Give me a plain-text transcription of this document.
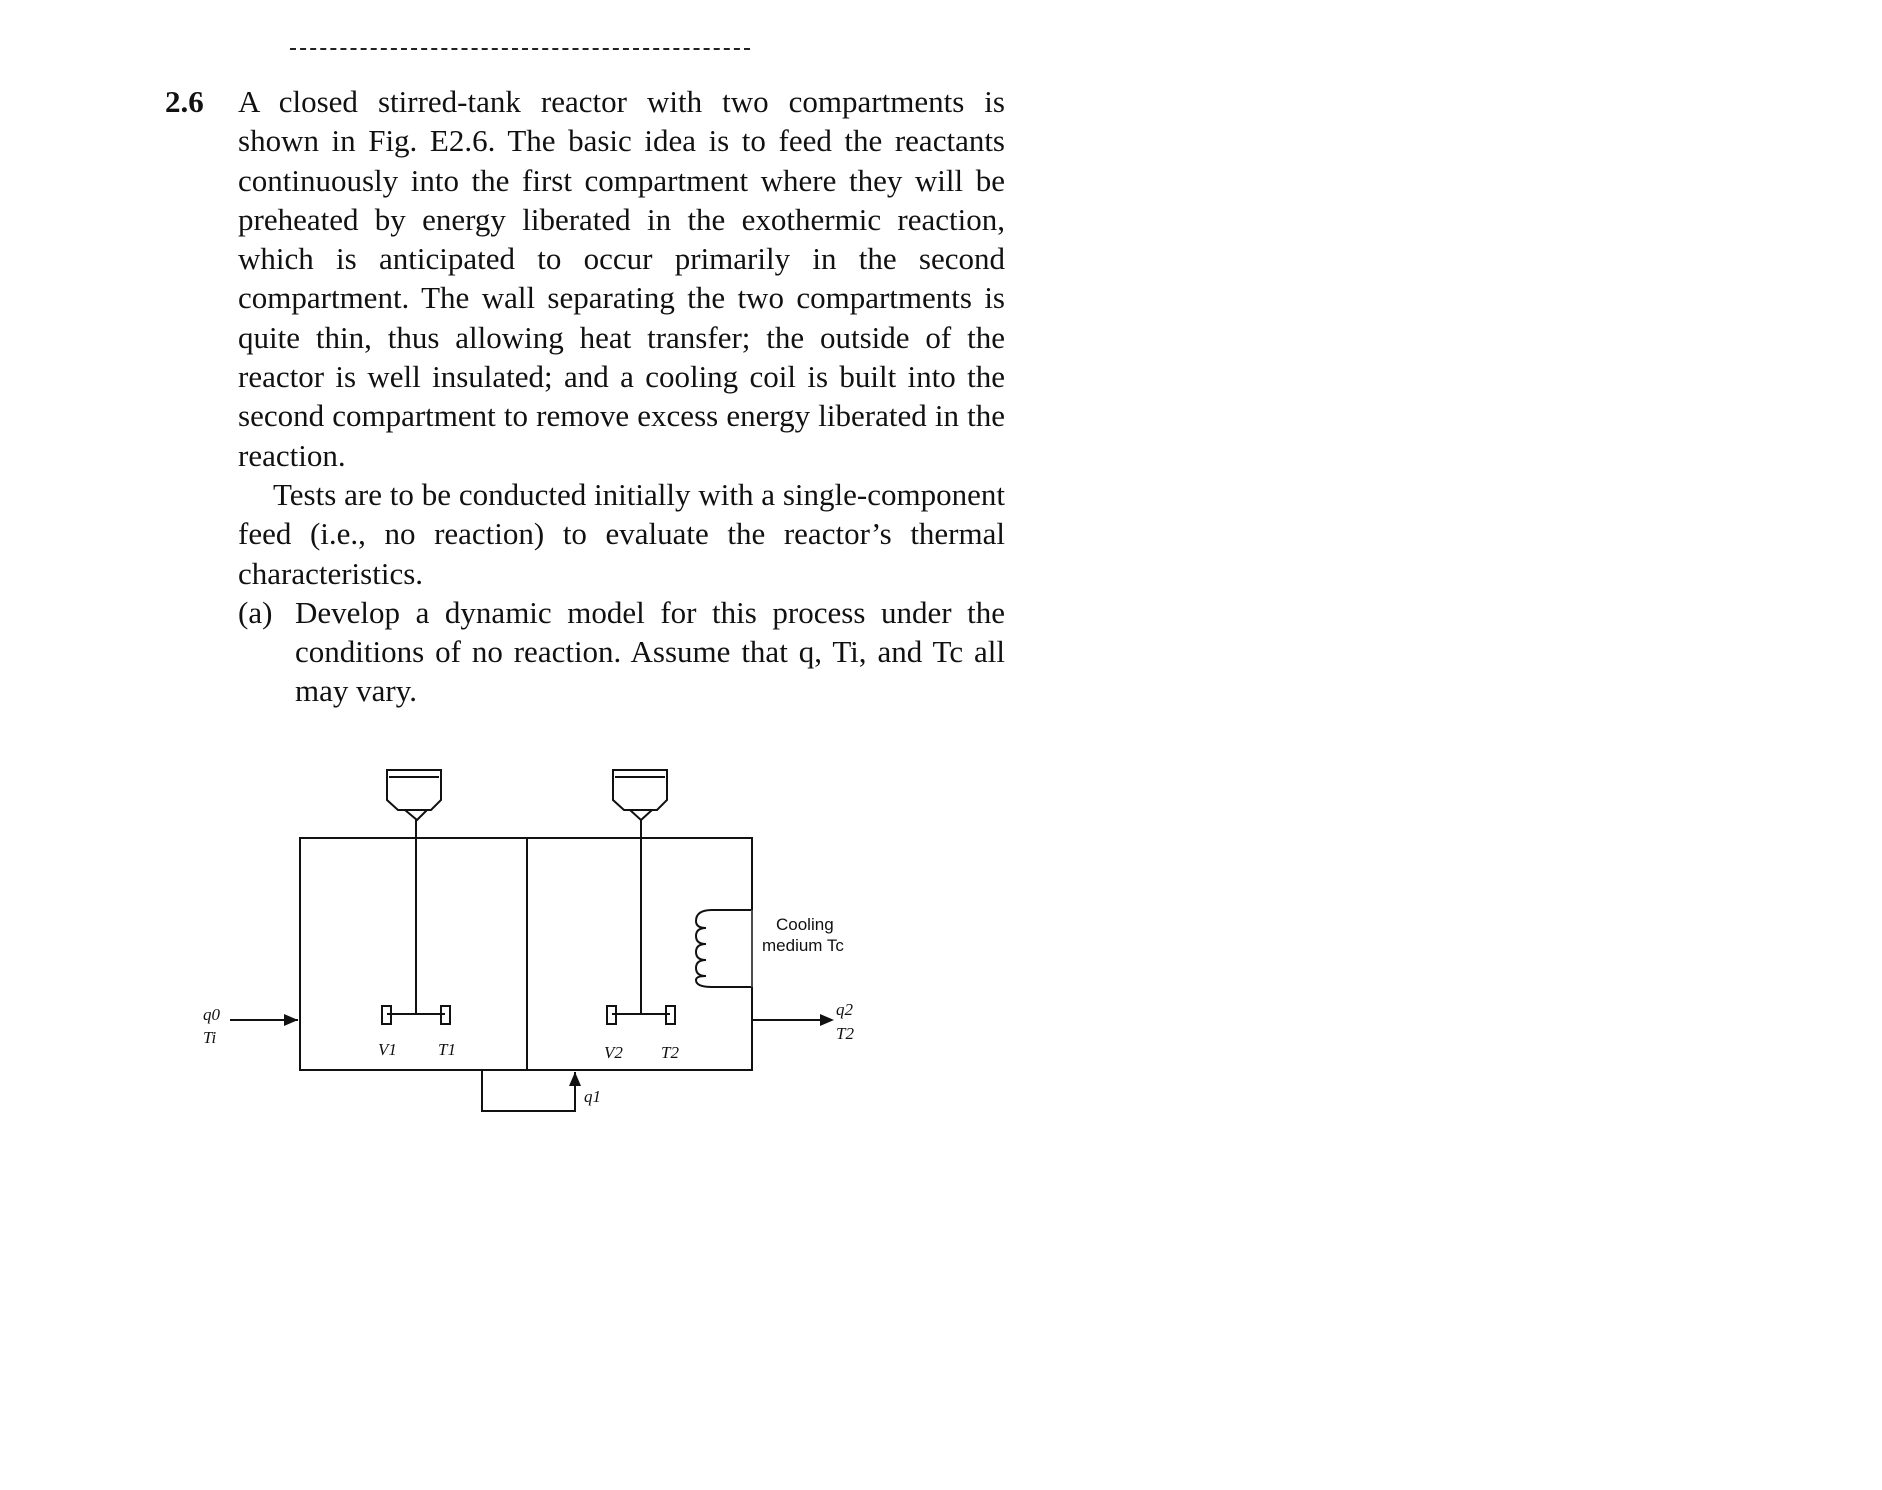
2.6 A closed stirred-tank reactor with two compartments is shown in Fig. E2.6. The basic idea is to feed the reactants continuously into the first compartment where they will be preheated by energy liberated in the exothermic reaction, which is anticipated to occur primarily in the second compartment. The wall separating the two compartments is quite thin, thus allowing heat transfer; the outside of the reactor is well insulated; and a cooling coil is built into the second compartment to remove excess energy liberated in the reaction.

Tests are to be conducted initially with a single-component feed (i.e., no reaction) to evaluate the reactor’s thermal characteristics.

(a) Develop a dynamic model for this process under the conditions of no reaction. Assume that q, Ti, and Tc all may vary.
q0
Ti
V1 T1	V2 T2
q1
q2
T2
Cooling
medium Tc
